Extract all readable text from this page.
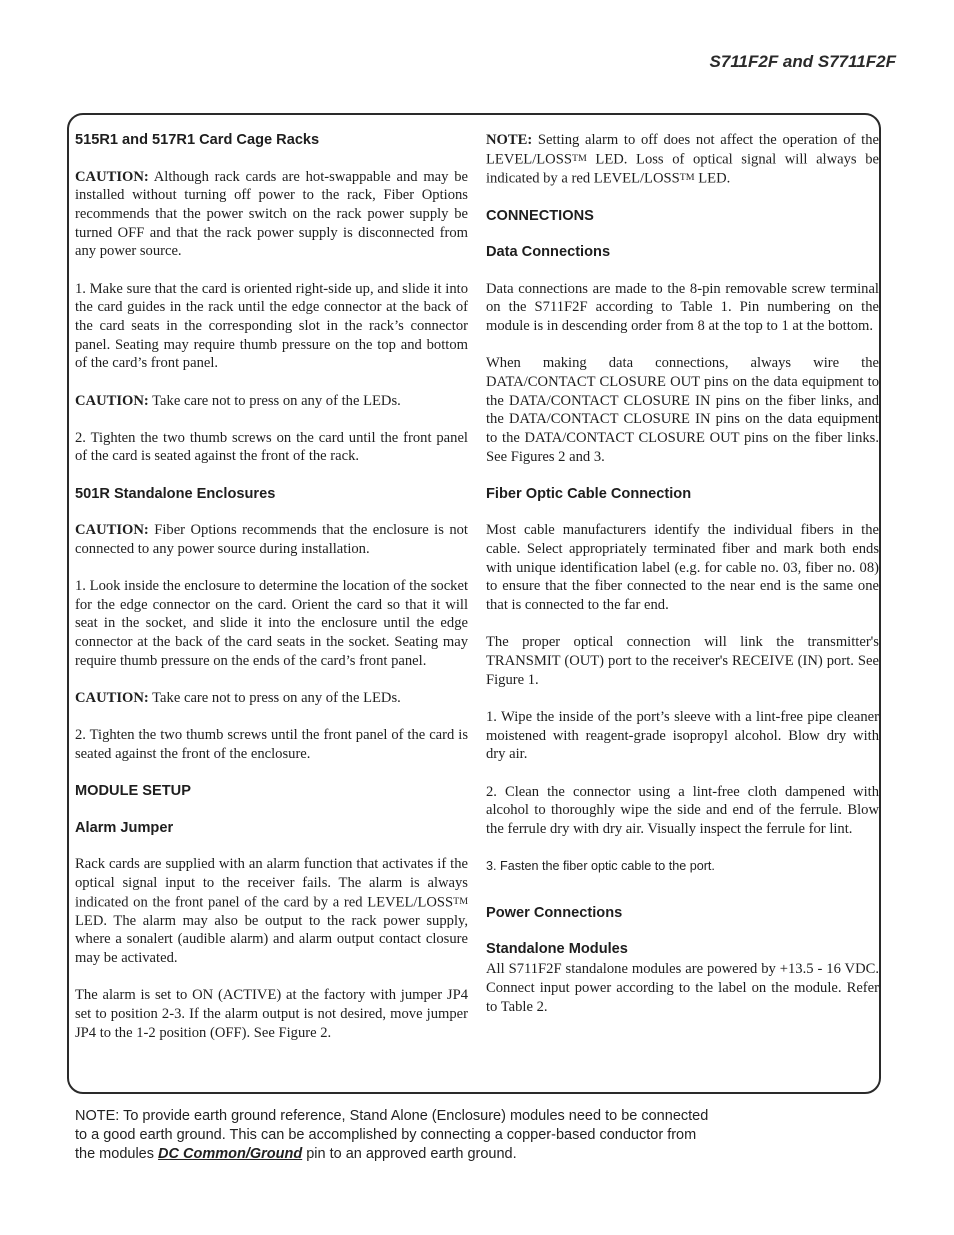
S711F2F and S7711F2F
515R1 and 517R1 Card Cage Racks

CAUTION: Although rack cards are hot-swappable and may be installed without turning off power to the rack, Fiber Options recommends that the power switch on the rack power supply be turned OFF and that the rack power supply is disconnected from any power source.

1. Make sure that the card is oriented right-side up, and slide it into the card guides in the rack until the edge connector at the back of the card seats in the corresponding slot in the rack’s connector panel. Seating may require thumb pressure on the top and bottom of the card’s front panel.

CAUTION: Take care not to press on any of the LEDs.

2. Tighten the two thumb screws on the card until the front panel of the card is seated against the front of the rack.

501R Standalone Enclosures

CAUTION: Fiber Options recommends that the enclosure is not connected to any power source during installation.

1. Look inside the enclosure to determine the location of the socket for the edge connector on the card. Orient the card so that it will seat in the socket, and slide it into the enclosure until the edge connector at the back of the card seats in the socket. Seating may require thumb pressure on the ends of the card’s front panel.

CAUTION: Take care not to press on any of the LEDs.

2. Tighten the two thumb screws until the front panel of the card is seated against the front of the enclosure.

MODULE SETUP
Alarm Jumper

Rack cards are supplied with an alarm function that activates if the optical signal input to the receiver fails. The alarm is always indicated on the front panel of the card by a red LEVEL/LOSSTM LED. The alarm may also be output to the rack power supply, where a sonalert (audible alarm) and alarm output contact closure may be activated.

The alarm is set to ON (ACTIVE) at the factory with jumper JP4 set to position 2-3. If the alarm output is not desired, move jumper JP4 to the 1-2 position (OFF). See Figure 2.

NOTE: Setting alarm to off does not affect the operation of the LEVEL/LOSSTM LED. Loss of optical signal will always be indicated by a red LEVEL/LOSSTM LED.

CONNECTIONS
Data Connections

Data connections are made to the 8-pin removable screw terminal on the S711F2F according to Table 1. Pin numbering on the module is in descending order from 8 at the top to 1 at the bottom.

When making data connections, always wire the DATA/CONTACT CLOSURE OUT pins on the data equipment to the DATA/CONTACT CLOSURE IN pins on the fiber links, and the DATA/CONTACT CLOSURE IN pins on the data equipment to the DATA/CONTACT CLOSURE OUT pins on the fiber links. See Figures 2 and 3.

Fiber Optic Cable Connection

Most cable manufacturers identify the individual fibers in the cable. Select appropriately terminated fiber and mark both ends with unique identification label (e.g. for cable no. 03, fiber no. 08) to ensure that the fiber connected to the near end is the same one that is connected to the far end.

The proper optical connection will link the transmitter's TRANSMIT (OUT) port to the receiver's RECEIVE (IN) port. See Figure 1.

1. Wipe the inside of the port’s sleeve with a lint-free pipe cleaner moistened with reagent-grade isopropyl alcohol. Blow dry with dry air.

2. Clean the connector using a lint-free cloth dampened with alcohol to thoroughly wipe the side and end of the ferrule. Blow the ferrule dry with dry air. Visually inspect the ferrule for lint.

3. Fasten the fiber optic cable to the port.

Power Connections
Standalone Modules

All S711F2F standalone modules are powered by +13.5 - 16 VDC. Connect input power according to the label on the module. Refer to Table 2.

NOTE: To provide earth ground reference, Stand Alone (Enclosure) modules need to be connected to a good earth ground. This can be accomplished by connecting a copper-based conductor from the modules DC Common/Ground pin to an approved earth ground.
